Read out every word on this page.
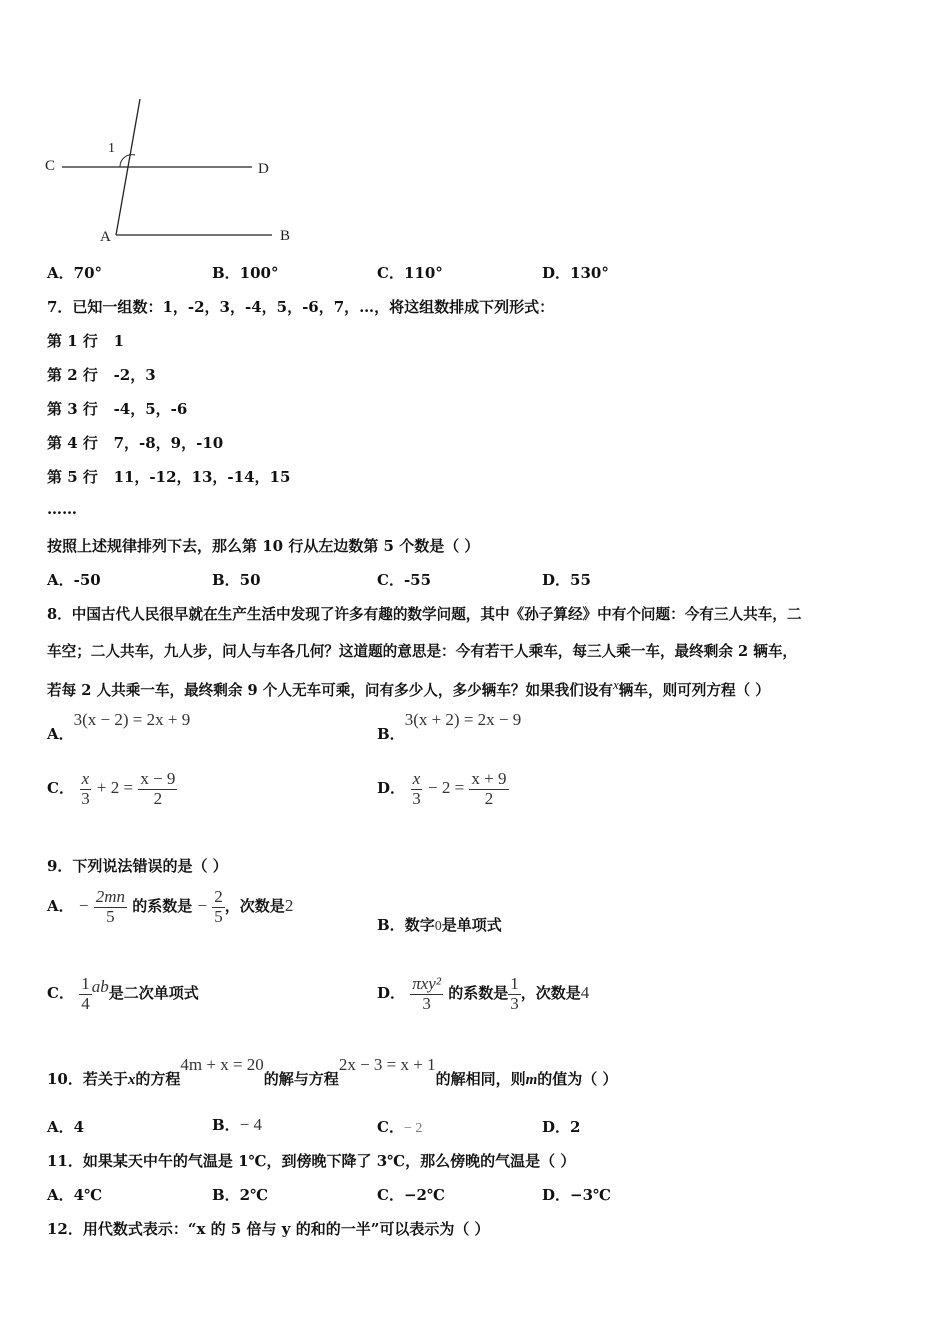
C	D
A	B
1
A．70°	B．100°	C．110°	D．130°
7．已知一组数：1，-2，3，-4，5，-6，7，…，将这组数排成下列形式：
第 1 行 1
第 2 行 -2，3
第 3 行 -4，5，-6
第 4 行 7，-8，9，-10
第 5 行 11，-12，13，-14，15
……
按照上述规律排列下去，那么第 10 行从左边数第 5 个数是（ ）
A．-50	B．50	C．-55	D．55
8．中国古代人民很早就在生产生活中发现了许多有趣的数学问题，其中《孙子算经》中有个问题：今有三人共车，二
车空；二人共车，九人步，问人与车各几何？这道题的意思是：今有若干人乘车，每三人乘一车，最终剩余 2 辆车，
若每 2 人共乘一车，最终剩余 9 个人无车可乘，问有多少人，多少辆车？如果我们设有x辆车，则可列方程（ ）
A．3(x − 2) = 2x + 9
B．3(x + 2) = 2x − 9
C． $\frac{x}{3} + 2 = \frac{x - 9}{2}$	D． $\frac{x}{3} - 2 = \frac{x + 9}{2}$
9．下列说法错误的是（ ）
A． − $\frac{2mn}{5}$ 的系数是 − $\frac{2}{5}$ ，次数是2
B．数字0是单项式
C． $\frac{1}{4}$ ab是二次单项式	D． $\frac{\text{πxy²}}{3}$ 的系数是 $\frac{1}{3}$ ，次数是4
10．若关于x的方程4m + x = 20的解与方程2x − 3 = x + 1的解相同，则m的值为（ ）
A．4	B．− 4	C．− 2	D．2
11．如果某天中午的气温是 1℃，到傍晚下降了 3℃，那么傍晚的气温是（ ）
A．4℃	B．2℃	C．−2℃	D．−3℃
12．用代数式表示：“x 的 5 倍与 y 的和的一半”可以表示为（ ）
